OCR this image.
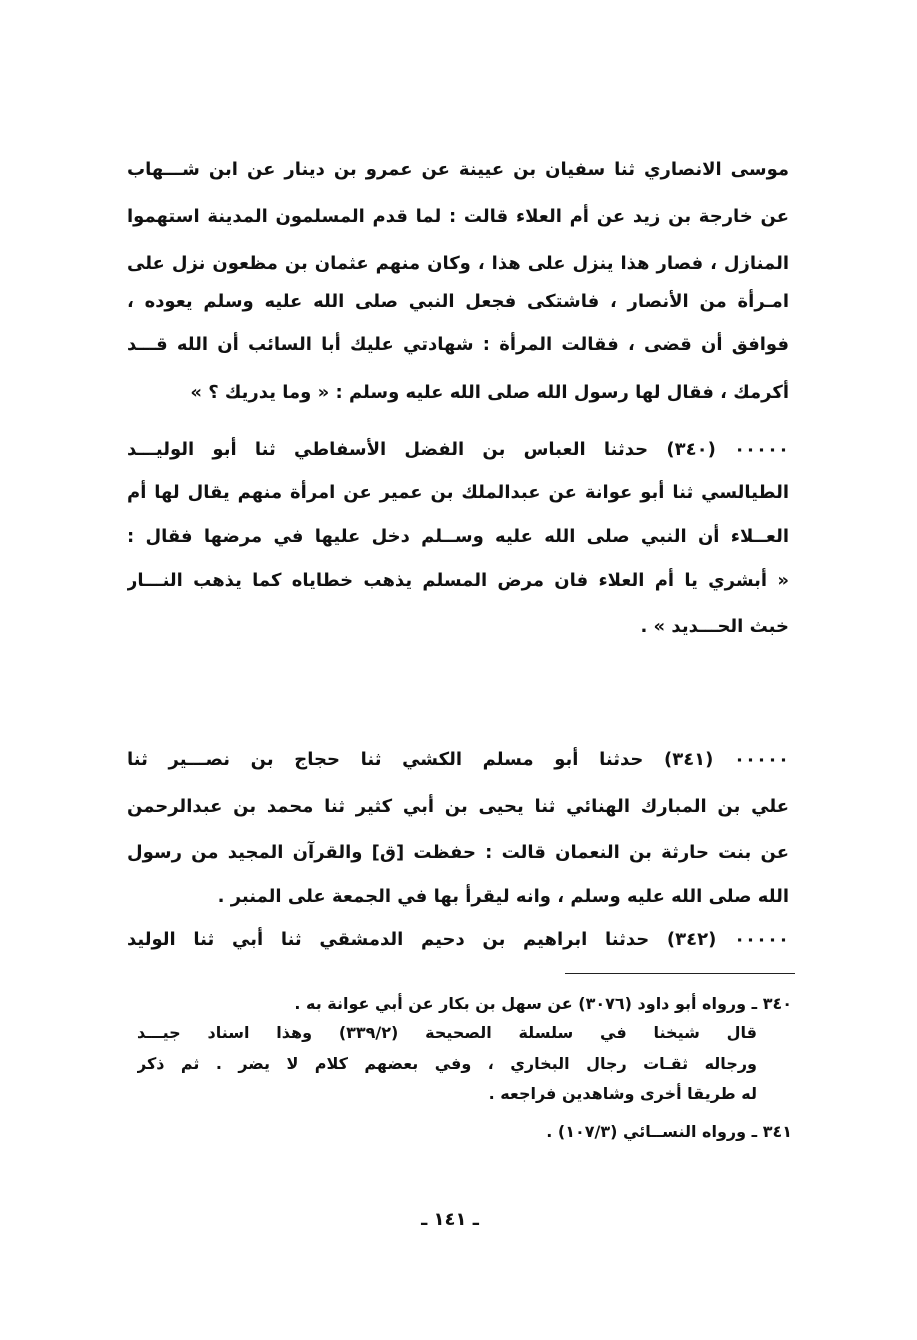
موسى الانصاري ثنا سفيان بن عيينة عن عمرو بن دينار عن ابن شـــهاب
عن خارجة بن زيد عن أم العلاء قالت : لما قدم المسلمون المدينة استهموا
المنازل ، فصار هذا ينزل على هذا ، وكان منهم عثمان بن مظعون نزل على
امـرأة من الأنصار ، فاشتكى فجعل النبي صلى الله عليه وسلم يعوده ،
فوافق أن قضى ، فقالت المرأة : شهادتي عليك أبا السائب أن الله قـــد
أكرمك ، فقال لها رسول الله صلى الله عليه وسلم : « وما يدريك ؟ »
٠٠٠٠٠ (٣٤٠) حدثنا العباس بن الفضل الأسفاطي ثنا أبو الوليـــد
الطيالسي ثنا أبو عوانة عن عبدالملك بن عمير عن امرأة منهم يقال لها أم
العــلاء أن النبي صلى الله عليه وســلم دخل عليها في مرضها فقال :
« أبشري يا أم العلاء فان مرض المسلم يذهب خطاياه كما يذهب النـــار
خبث الحـــديد » .
٠٠٠٠٠ (٣٤١) حدثنا أبو مسلم الكشي ثنا حجاج بن نصـــير ثنا
علي بن المبارك الهنائي ثنا يحيى بن أبي كثير ثنا محمد بن عبدالرحمن
عن بنت حارثة بن النعمان قالت : حفظت [ق] والقرآن المجيد من رسول
الله صلى الله عليه وسلم ، وانه ليقرأ بها في الجمعة على المنبر .
٠٠٠٠٠ (٣٤٢) حدثنا ابراهيم بن دحيم الدمشقي ثنا أبي ثنا الوليد
٣٤٠ ـ ورواه أبو داود (٣٠٧٦) عن سهل بن بكار عن أبي عوانة به .
قال شيخنا في سلسلة الصحيحة (٣٣٩/٢) وهذا اسناد جيـــد
ورجاله ثقـات رجال البخاري ، وفي بعضهم كلام لا يضر . ثم ذكر
له طريقا أخرى وشاهدين فراجعه .
٣٤١ ـ ورواه النســائي (١٠٧/٣) .
ـ ١٤١ ـ
